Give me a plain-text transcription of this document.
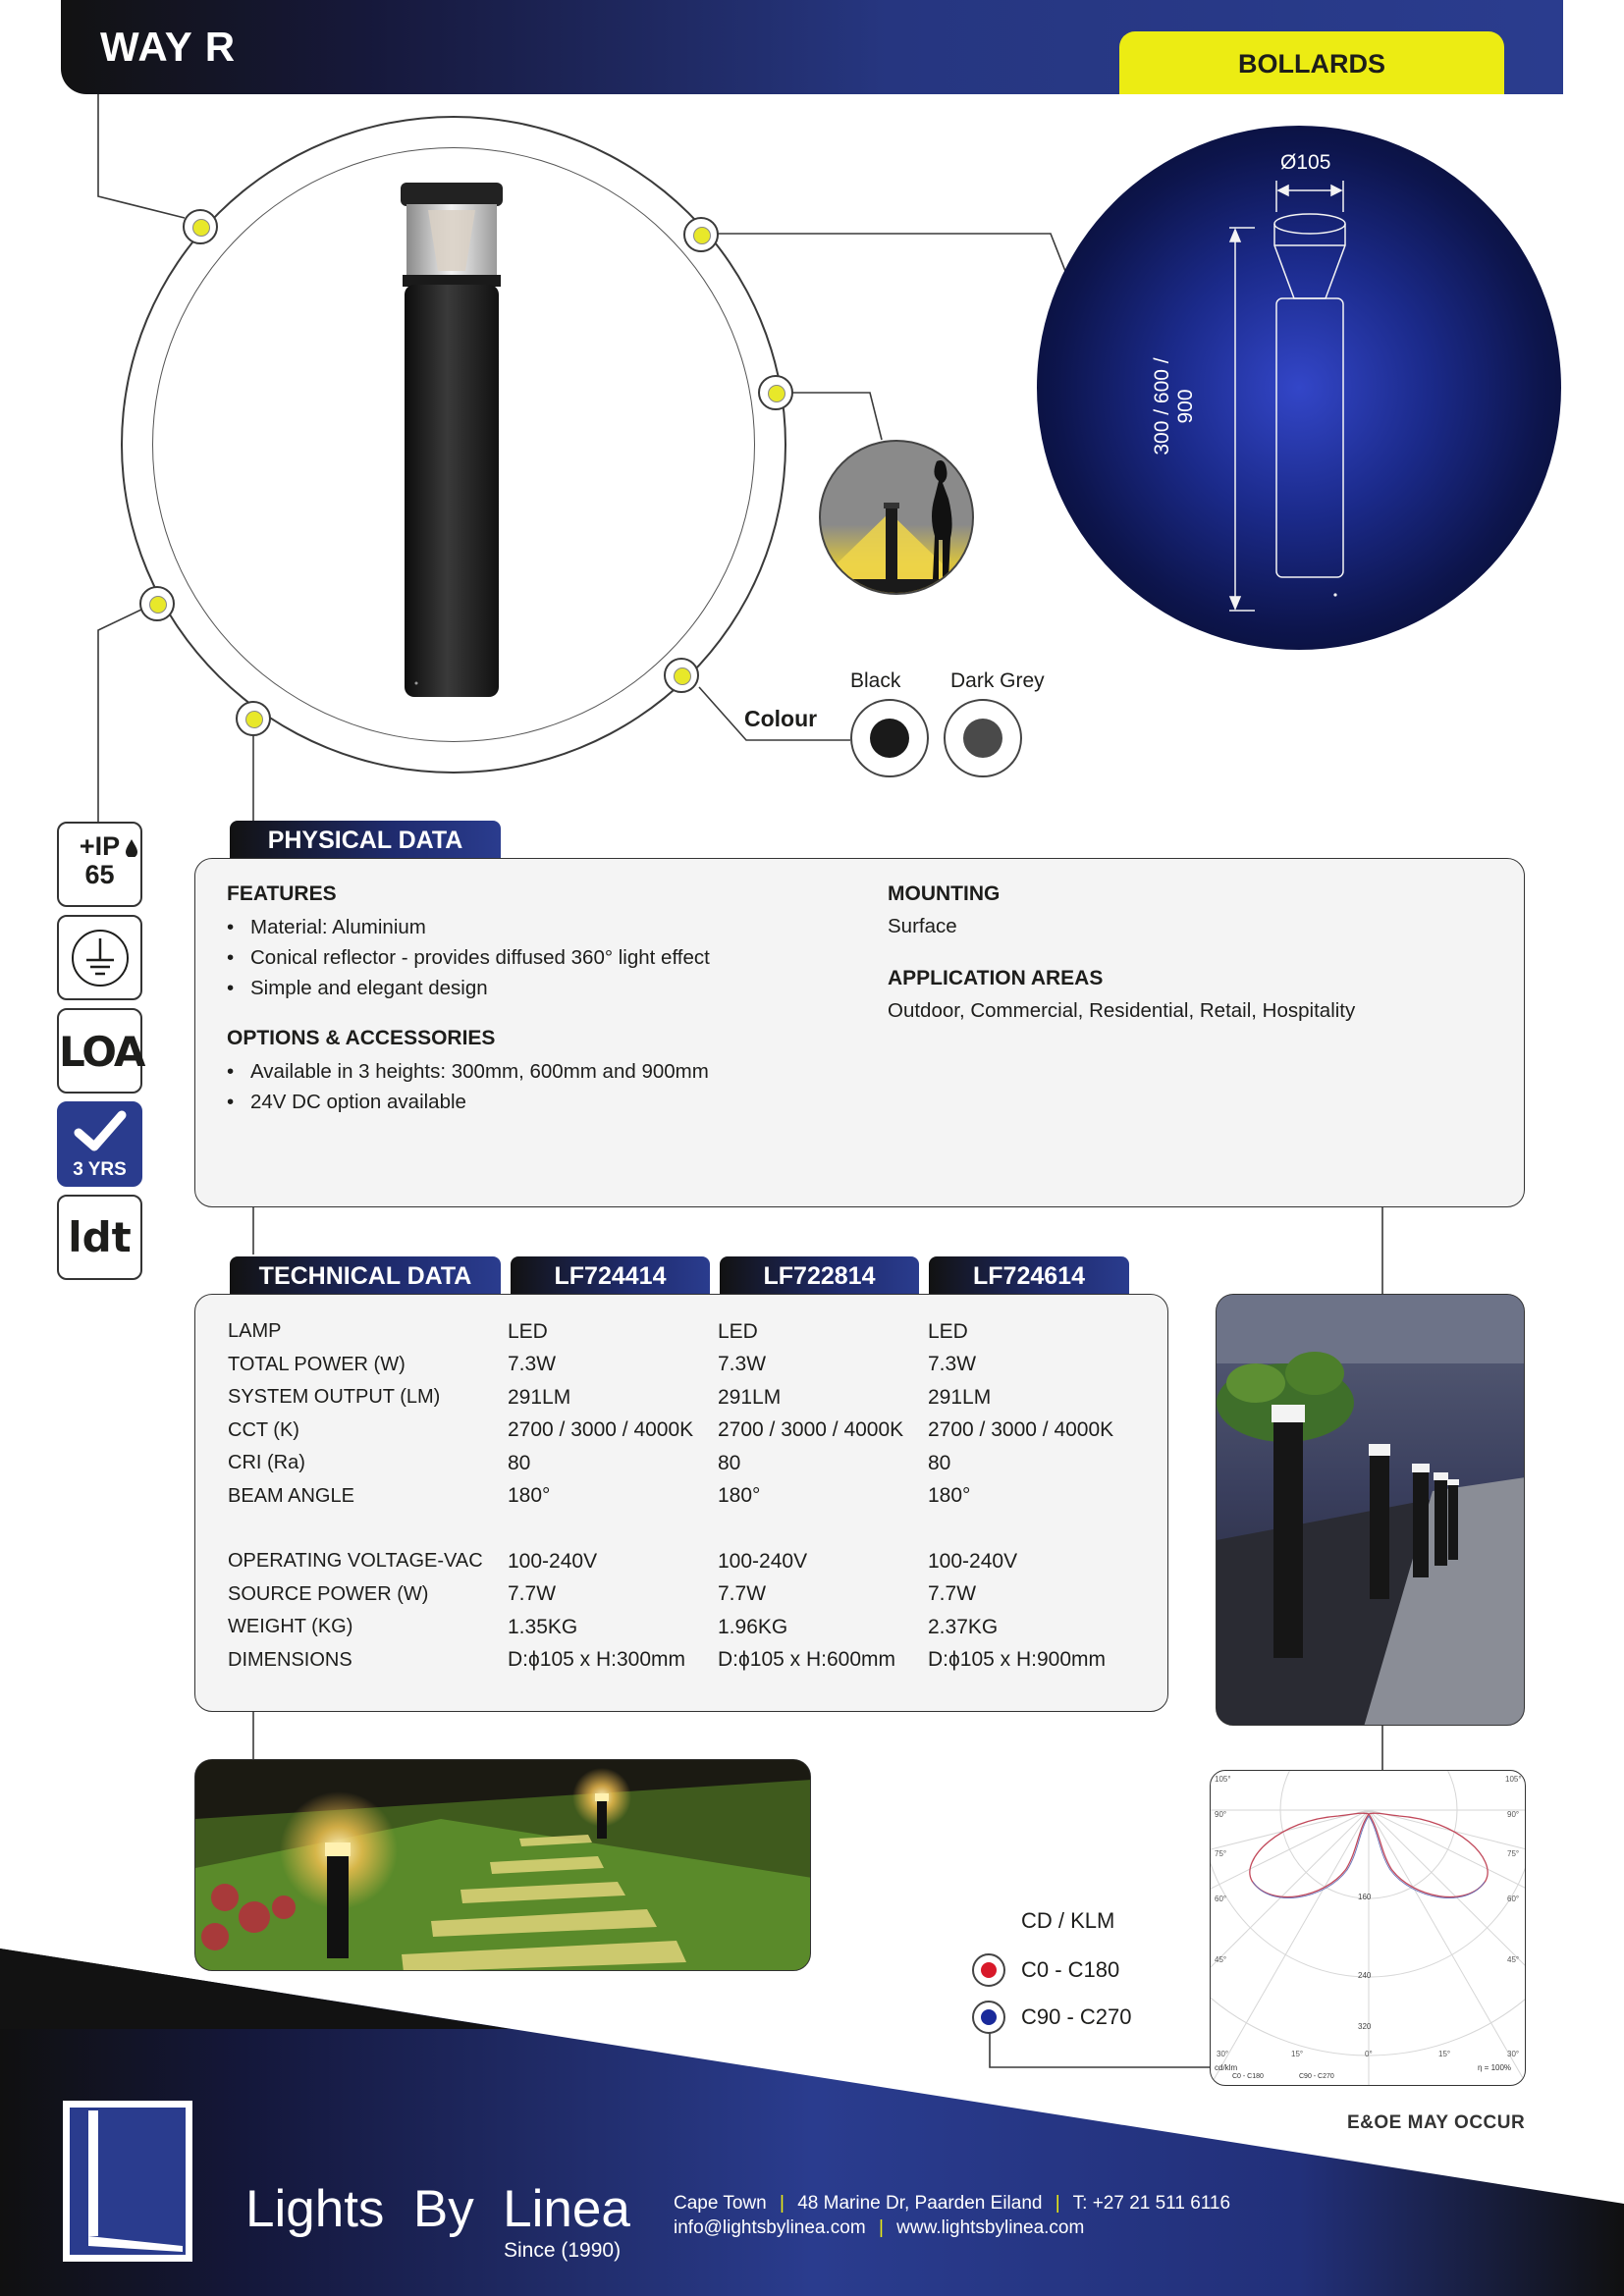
WAY R	BOLLARDS
Ø105
300 / 600 / 900
Colour
Black Dark Grey
+IP
65
LOA
3 YRS
ldt
PHYSICAL DATA
FEATURES
• Material: Aluminium
• Conical reflector - provides diffused 360° light effect
• Simple and elegant design
OPTIONS & ACCESSORIES
• Available in 3 heights: 300mm, 600mm and 900mm
• 24V DC option available
MOUNTING
Surface
APPLICATION AREAS
Outdoor, Commercial, Residential, Retail, Hospitality
TECHNICAL DATA	LF724414	LF722814	LF724614
LAMP	LED	LED	LED
TOTAL POWER (W)	7.3W	7.3W	7.3W
SYSTEM OUTPUT (LM)	291LM	291LM	291LM
CCT (K)	2700 / 3000 / 4000K	2700 / 3000 / 4000K	2700 / 3000 / 4000K
CRI (Ra)	80	80	80
BEAM ANGLE	180°	180°	180°

OPERATING VOLTAGE-VAC	100-240V	100-240V	100-240V
SOURCE POWER (W)	7.7W	7.7W	7.7W
WEIGHT (KG)	1.35KG	1.96KG	2.37KG
DIMENSIONS	D:ϕ105 x H:300mm	D:ϕ105 x H:600mm	D:ϕ105 x H:900mm
CD / KLM
C0 - C180
C90 - C270
105°	105°
90°	90°
75°	75°
60°	60°
45°	45°
30°	15°	0°	15°	30°
160
240
320
cd/klm	η = 100%
C0 - C180	C90 - C270
E&OE MAY OCCUR
Lights  By  Linea
Since (1990)
Cape Town | 48 Marine Dr, Paarden Eiland | T: +27 21 511 6116
info@lightsbylinea.com | www.lightsbylinea.com
